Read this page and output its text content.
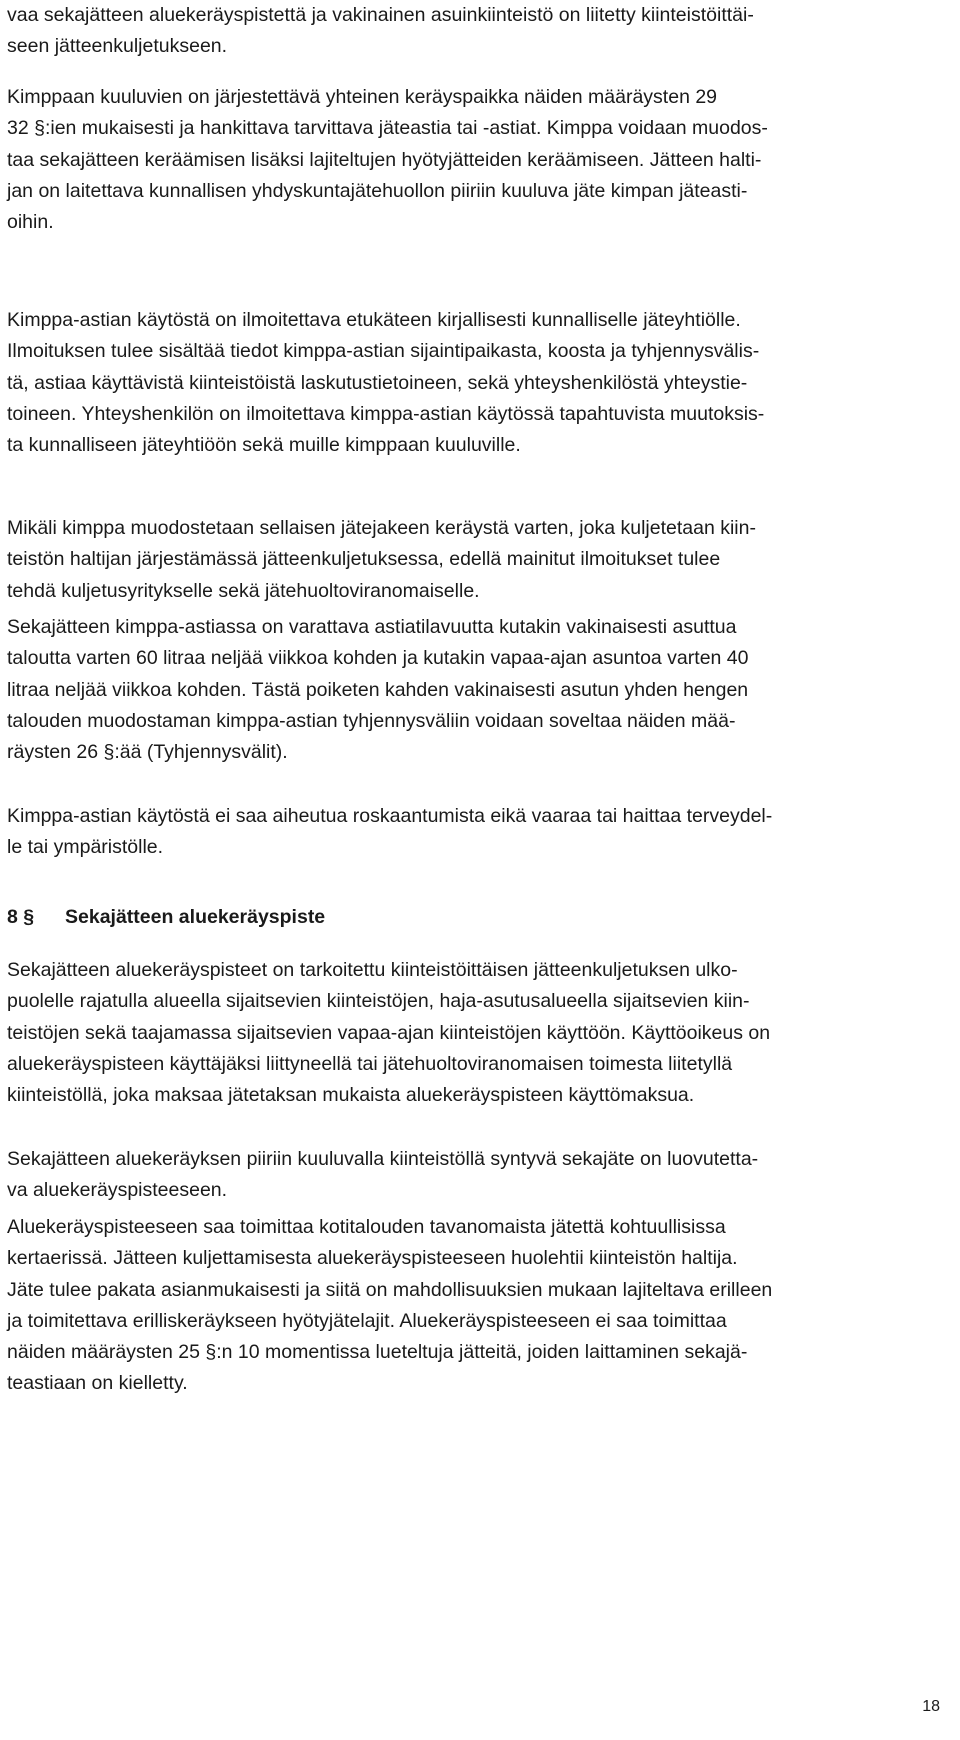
vaa sekajätteen aluekeräyspistettä ja vakinainen asuinkiinteistö on liitetty kiinteistöittäi-
seen jätteenkuljetukseen.

Kimppaan kuuluvien on järjestettävä yhteinen keräyspaikka näiden määräysten 29
32 §:ien mukaisesti ja hankittava tarvittava jäteastia tai -astiat. Kimppa voidaan muodos-
taa sekajätteen keräämisen lisäksi lajiteltujen hyötyjätteiden keräämiseen. Jätteen halti-
jan on laitettava kunnallisen yhdyskuntajätehuollon piiriin kuuluva jäte kimpan jäteasti-
oihin.

Kimppa-astian käytöstä on ilmoitettava etukäteen kirjallisesti kunnalliselle jäteyhtiölle.
Ilmoituksen tulee sisältää tiedot kimppa-astian sijaintipaikasta, koosta ja tyhjennysvälis-
tä, astiaa käyttävistä kiinteistöistä laskutustietoineen, sekä yhteyshenkilöstä yhteystie-
toineen. Yhteyshenkilön on ilmoitettava kimppa-astian käytössä tapahtuvista muutoksis-
ta kunnalliseen jäteyhtiöön sekä muille kimppaan kuuluville.

Mikäli kimppa muodostetaan sellaisen jätejakeen keräystä varten, joka kuljetetaan kiin-
teistön haltijan järjestämässä jätteenkuljetuksessa, edellä mainitut ilmoitukset tulee
tehdä kuljetusyritykselle sekä jätehuoltoviranomaiselle.

Sekajätteen kimppa-astiassa on varattava astiatilavuutta kutakin vakinaisesti asuttua
taloutta varten 60 litraa neljää viikkoa kohden ja kutakin vapaa-ajan asuntoa varten 40
litraa neljää viikkoa kohden. Tästä poiketen kahden vakinaisesti asutun yhden hengen
talouden muodostaman kimppa-astian tyhjennysväliin voidaan soveltaa näiden mää-
räysten 26 §:ää (Tyhjennysvälit).

Kimppa-astian käytöstä ei saa aiheutua roskaantumista eikä vaaraa tai haittaa terveydel-
le tai ympäristölle.

8 § Sekajätteen aluekeräyspiste

Sekajätteen aluekeräyspisteet on tarkoitettu kiinteistöittäisen jätteenkuljetuksen ulko-
puolelle rajatulla alueella sijaitsevien kiinteistöjen, haja-asutusalueella sijaitsevien kiin-
teistöjen sekä taajamassa sijaitsevien vapaa-ajan kiinteistöjen käyttöön. Käyttöoikeus on
aluekeräyspisteen käyttäjäksi liittyneellä tai jätehuoltoviranomaisen toimesta liitetyllä
kiinteistöllä, joka maksaa jätetaksan mukaista aluekeräyspisteen käyttömaksua.

Sekajätteen aluekeräyksen piiriin kuuluvalla kiinteistöllä syntyvä sekajäte on luovutetta-
va aluekeräyspisteeseen.

Aluekeräyspisteeseen saa toimittaa kotitalouden tavanomaista jätettä kohtuullisissa
kertaerissä. Jätteen kuljettamisesta aluekeräyspisteeseen huolehtii kiinteistön haltija.
Jäte tulee pakata asianmukaisesti ja siitä on mahdollisuuksien mukaan lajiteltava erilleen
ja toimitettava erilliskeräykseen hyötyjätelajit. Aluekeräyspisteeseen ei saa toimittaa
näiden määräysten 25 §:n 10 momentissa lueteltuja jätteitä, joiden laittaminen sekajä-
teastiaan on kielletty.

18
